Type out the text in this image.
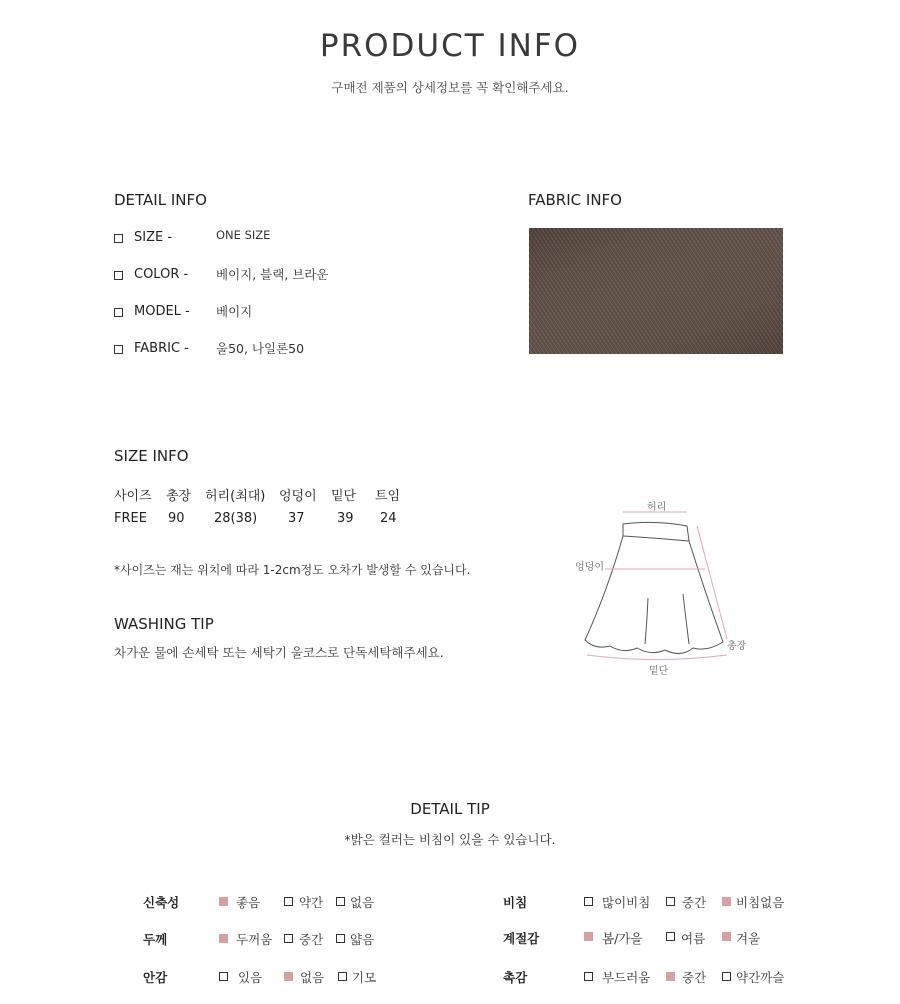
PRODUCT INFO
구매전 제품의 상세정보를 꼭 확인해주세요.
DETAIL INFO
SIZE -	ONE SIZE
COLOR - 베이지, 블랙, 브라운
MODEL - 베이지
FABRIC - 울50, 나일론50
FABRIC INFO
SIZE INFO
사이즈 총장 허리(최대) 엉덩이 밑단 트임
FREE 90 28(38) 37 39 24
*사이즈는 재는 위치에 따라 1-2cm정도 오차가 발생할 수 있습니다.
WASHING TIP
차가운 물에 손세탁 또는 세탁기 울코스로 단독세탁해주세요.
허리
엉덩이
총장
밑단
DETAIL TIP
*밝은 컬러는 비침이 있을 수 있습니다.
신축성	좋음	약간 없음
두께	두꺼움 중간 얇음
안감	있음	없음 기모
비침	많이비침	중간 비침없음
계절감	봄/가을	여름 겨울
촉감	부드러움	중간 약간까슬
